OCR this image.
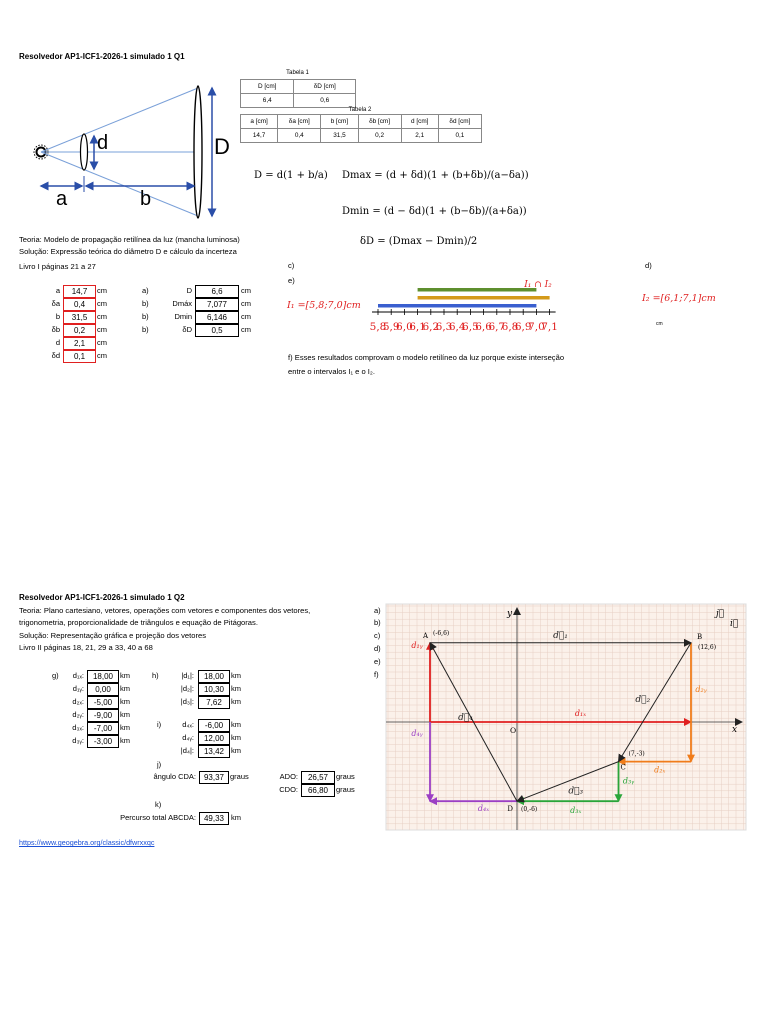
Resolvedor AP1-ICF1-2026-1 simulado 1 Q1
d	D
a	b
Tabela 1
D [cm]	δD [cm]
6,4	0,6
Tabela 2
a [cm]	δa [cm]	b [cm]	δb [cm]	d [cm]	δd [cm]
14,7	0,4	31,5	0,2	2,1	0,1
D = d(1 + b/a) Dmax = (d + δd)(1 + (b+δb)/(a−δa))
Dmin = (d − δd)(1 + (b−δb)/(a+δa))
δD = (Dmax − Dmin)/2
Teoria: Modelo de propagação retilínea da luz (mancha luminosa)
Solução: Expressão teórica do diâmetro D e cálculo da incerteza
Livro I páginas 21 a 27
a	14,7	cm
δa	0,4	cm
b	31,5	cm
δb	0,2	cm
d	2,1	cm
δd	0,1	cm
a)	D	6,6	cm
b)	Dmáx	7,077	cm
b)	Dmin	6,146	cm
b)	δD	0,5	cm
c)	d)
e)
5,8
5,9
6,0
6,1
6,2
6,3
6,4
6,5
6,6
6,7
6,8
6,9
7,0
7,1
I₁ ∩ I₂
I₁ =[5,8;7,0]cm
I₂ =[6,1;7,1]cm
cm
f) Esses resultados comprovam o modelo retilíneo da luz porque existe interseção
entre o intervalos I₁ e o I₂.
Resolvedor AP1-ICF1-2026-1 simulado 1 Q2
Teoria: Plano cartesiano, vetores, operações com vetores e componentes dos vetores,
trigonometria, proporcionalidade de triângulos e equação de Pitágoras.
Solução: Representação gráfica e projeção dos vetores
Livro II páginas 18, 21, 29 a 33, 40 a 68
g)	d₁ₓ:	18,00 km
d₁ᵧ:	0,00	km
d₂ₓ:	-5,00	km
d₂ᵧ:	-9,00	km
d₃ₓ:	-7,00	km
d₃ᵧ:	-3,00	km
h)	|d₁|:	18,00 km
|d₂|:	10,30 km
|d₃|:	7,62	km
i)	d₄ₓ:	-6,00	km
d₄ᵧ:	12,00 km
|d₄|:	13,42 km
j)
ângulo CDA: 93,37 graus	ADO:	26,57	graus
CDO:	66,80	graus
k)
Percurso total ABCDA: 49,33 km
https://www.geogebra.org/classic/dfwrxxqc
a)
b)
c)
d)
e)
f)
x
y
O
A (-6,6)	B
(12,6)
C
(7,-3)
D (0,-6)
d⃗₁
d⃗₂
d⃗₃
d⃗₄	d₁ₓ
d₁ᵧ
d₂ᵧ
d₂ₓ
d₃ᵧ
d₃ₓ
d₄ᵧ
d₄ₓ
j⃗
i⃗
